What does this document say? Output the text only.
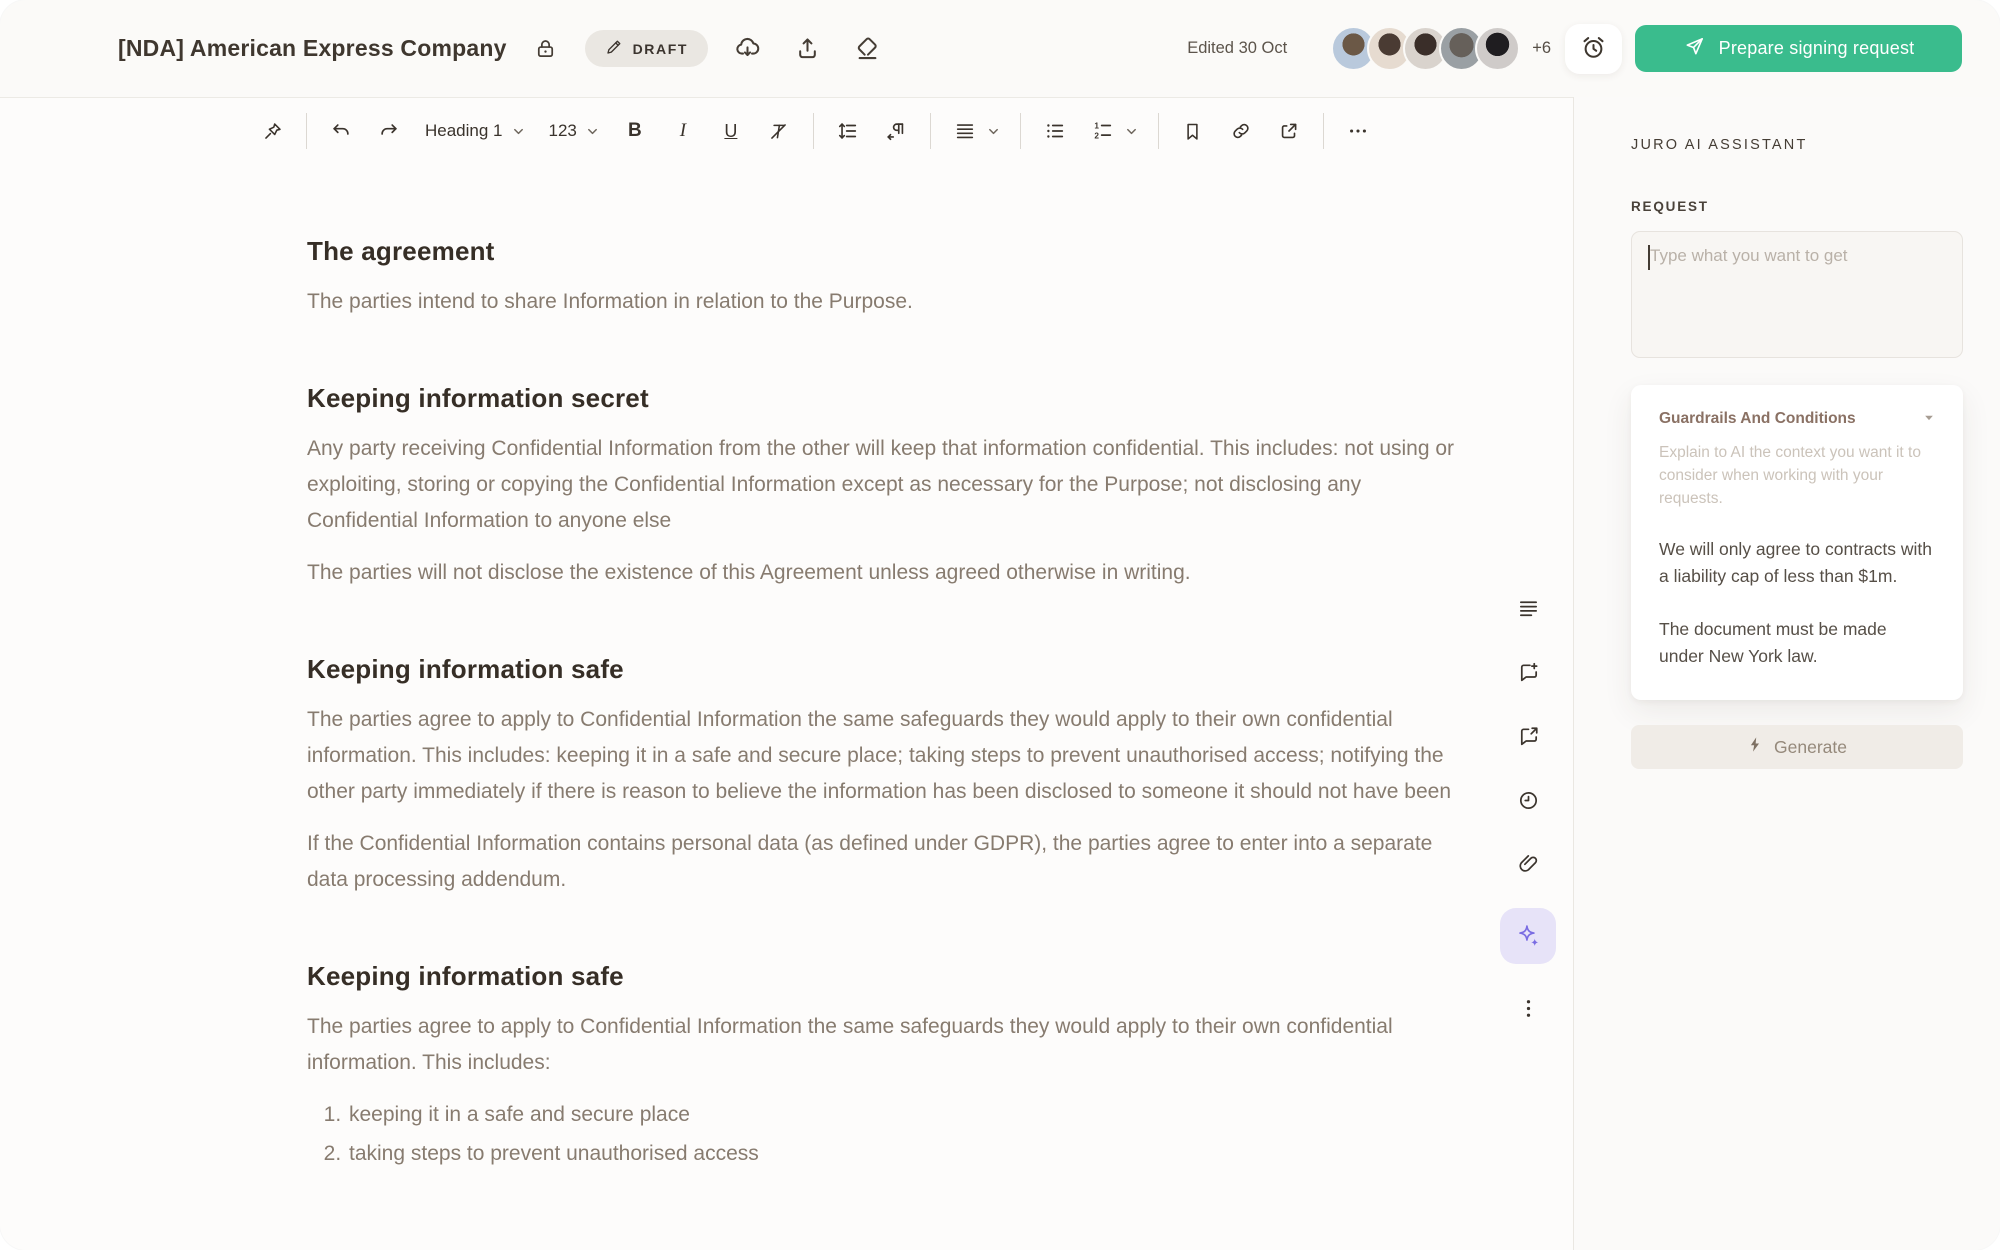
[NDA] American Express Company	DRAFT	Edited 30 Oct	+6	Prepare signing request
Heading 1	123	B	I	U	1
2
The agreement

The parties intend to share Information in relation to the Purpose.

Keeping information secret

Any party receiving Confidential Information from the other will keep that information confidential. This includes: not using or exploiting, storing or copying the Confidential Information except as necessary for the Purpose; not disclosing any Confidential Information to anyone else

The parties will not disclose the existence of this Agreement unless agreed otherwise in writing.

Keeping information safe

The parties agree to apply to Confidential Information the same safeguards they would apply to their own confidential information. This includes: keeping it in a safe and secure place; taking steps to prevent unauthorised access; notifying the other party immediately if there is reason to believe the information has been disclosed to someone it should not have been

If the Confidential Information contains personal data (as defined under GDPR), the parties agree to enter into a separate data processing addendum.

Keeping information safe

The parties agree to apply to Confidential Information the same safeguards they would apply to their own confidential information. This includes:

1. keeping it in a safe and secure place
2. taking steps to prevent unauthorised access
JURO AI ASSISTANT
REQUEST
Type what you want to get
Guardrails And Conditions

Explain to AI the context you want it to consider when working with your requests.

We will only agree to contracts with a liability cap of less than $1m.

The document must be made under New York law.

Generate
